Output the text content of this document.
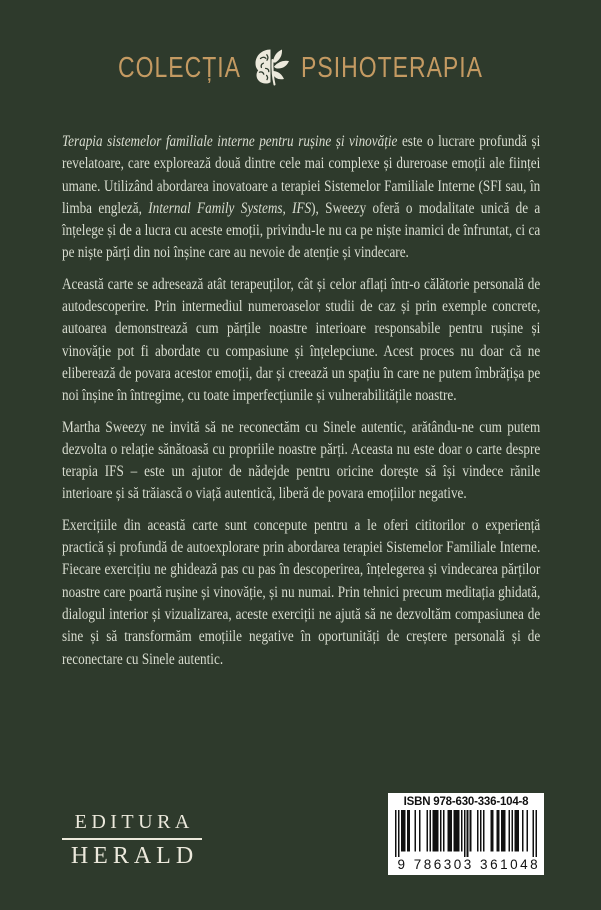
COLECȚIA	PSIHOTERAPIA

Terapia sistemelor familiale interne pentru rușine și vinovăție este o lucrare profundă și revelatoare, care explorează două dintre cele mai complexe și dureroase emoții ale ființei umane. Utilizând abordarea inovatoare a terapiei Sistemelor Familiale Interne (SFI sau, în limba engleză, Internal Family Systems, IFS), Sweezy oferă o modalitate unică de a înțelege și de a lucra cu aceste emoții, privindu-le nu ca pe niște inamici de înfruntat, ci ca pe niște părți din noi înșine care au nevoie de atenție și vindecare.

Această carte se adresează atât terapeuților, cât și celor aflați într-o călătorie personală de autodescoperire. Prin intermediul numeroaselor studii de caz și prin exemple concrete, autoarea demonstrează cum părțile noastre interioare responsabile pentru rușine și vinovăție pot fi abordate cu compasiune și înțelepciune. Acest proces nu doar că ne eliberează de povara acestor emoții, dar și creează un spațiu în care ne putem îmbrățișa pe noi înșine în întregime, cu toate imperfecțiunile și vulnerabilitățile noastre.

Martha Sweezy ne invită să ne reconectăm cu Sinele autentic, arătându-ne cum putem dezvolta o relație sănătoasă cu propriile noastre părți. Aceasta nu este doar o carte despre terapia IFS – este un ajutor de nădejde pentru oricine dorește să își vindece rănile interioare și să trăiască o viață autentică, liberă de povara emoțiilor negative.

Exercițiile din această carte sunt concepute pentru a le oferi cititorilor o experiență practică și profundă de autoexplorare prin abordarea terapiei Sistemelor Familiale Interne. Fiecare exercițiu ne ghidează pas cu pas în descoperirea, înțelegerea și vindecarea părților noastre care poartă rușine și vinovăție, și nu numai. Prin tehnici precum meditația ghidată, dialogul interior și vizualizarea, aceste exerciții ne ajută să ne dezvoltăm compasiunea de sine și să transformăm emoțiile negative în oportunități de creștere personală și de reconectare cu Sinele autentic.

EDITURA
HERALD
ISBN 978-630-336-104-8
9 786303 361048
